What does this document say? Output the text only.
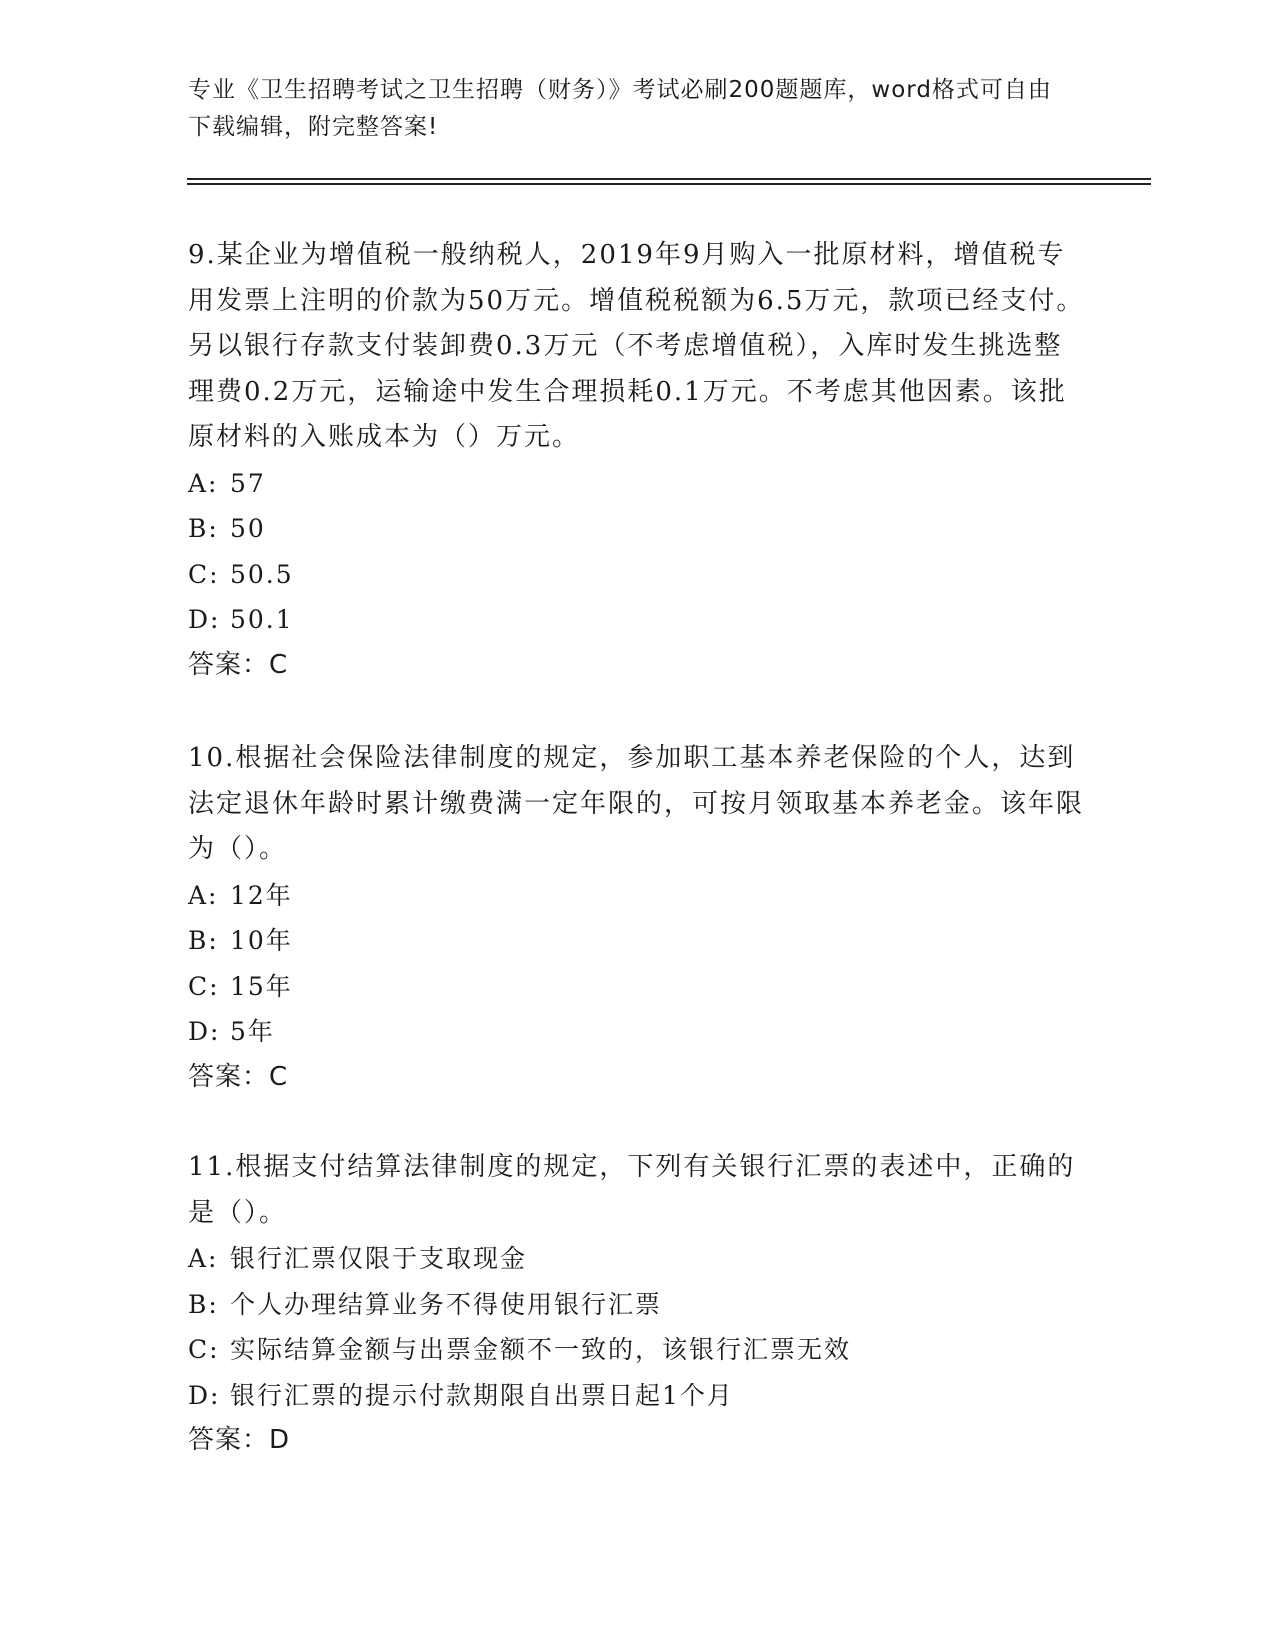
专业《卫生招聘考试之卫生招聘（财务）》考试必刷200题题库，word格式可自由下载编辑，附完整答案!

9.某企业为增值税一般纳税人，2019年9月购入一批原材料，增值税专用发票上注明的价款为50万元。增值税税额为6.5万元，款项已经支付。另以银行存款支付装卸费0.3万元（不考虑增值税），入库时发生挑选整理费0.2万元，运输途中发生合理损耗0.1万元。不考虑其他因素。该批原材料的入账成本为（）万元。

A: 57
B: 50
C: 50.5
D: 50.1
答案：C

10.根据社会保险法律制度的规定，参加职工基本养老保险的个人，达到法定退休年龄时累计缴费满一定年限的，可按月领取基本养老金。该年限为（）。

A: 12年
B: 10年
C: 15年
D: 5年
答案：C

11.根据支付结算法律制度的规定，下列有关银行汇票的表述中，正确的是（）。

A: 银行汇票仅限于支取现金
B: 个人办理结算业务不得使用银行汇票
C: 实际结算金额与出票金额不一致的，该银行汇票无效
D: 银行汇票的提示付款期限自出票日起1个月
答案：D
